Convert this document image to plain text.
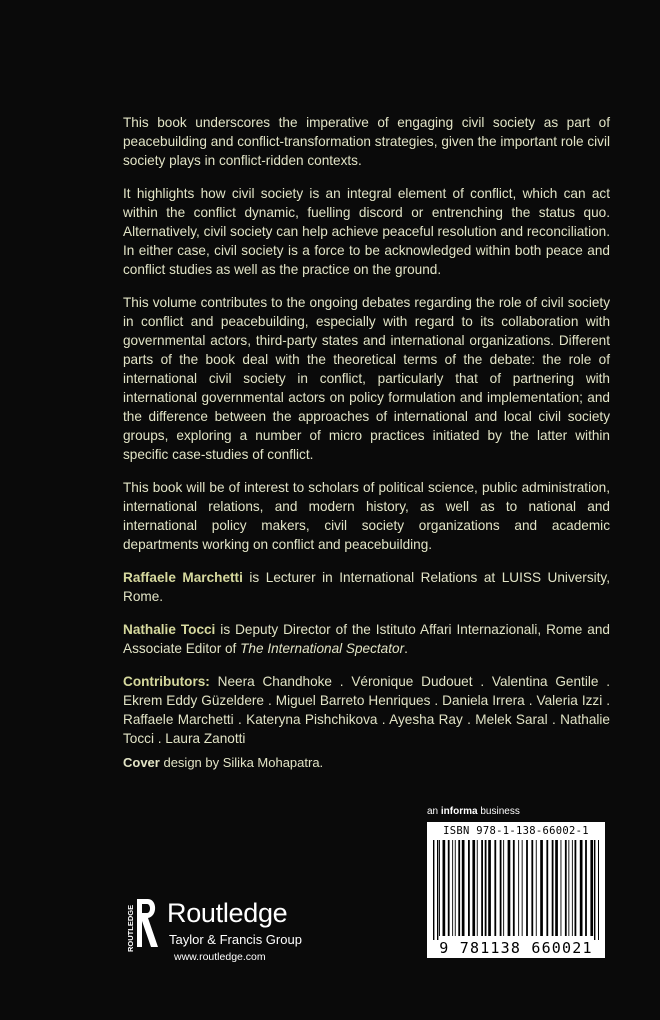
This book underscores the imperative of engaging civil society as part of peacebuilding and conflict-transformation strategies, given the important role civil society plays in conflict-ridden contexts.

It highlights how civil society is an integral element of conflict, which can act within the conflict dynamic, fuelling discord or entrenching the status quo. Alternatively, civil society can help achieve peaceful resolution and reconciliation. In either case, civil society is a force to be acknowledged within both peace and conflict studies as well as the practice on the ground.

This volume contributes to the ongoing debates regarding the role of civil society in conflict and peacebuilding, especially with regard to its collaboration with governmental actors, third-party states and international organizations. Different parts of the book deal with the theoretical terms of the debate: the role of international civil society in conflict, particularly that of partnering with international governmental actors on policy formulation and implementation; and the difference between the approaches of international and local civil society groups, exploring a number of micro practices initiated by the latter within specific case-studies of conflict.

This book will be of interest to scholars of political science, public administration, international relations, and modern history, as well as to national and international policy makers, civil society organizations and academic departments working on conflict and peacebuilding.

Raffaele Marchetti is Lecturer in International Relations at LUISS University, Rome.

Nathalie Tocci is Deputy Director of the Istituto Affari Internazionali, Rome and Associate Editor of The International Spectator.

Contributors: Neera Chandhoke . Véronique Dudouet . Valentina Gentile . Ekrem Eddy Güzeldere . Miguel Barreto Henriques . Daniela Irrera . Valeria Izzi . Raffaele Marchetti . Kateryna Pishchikova . Ayesha Ray . Melek Saral . Nathalie Tocci . Laura Zanotti

Cover design by Silika Mohapatra.
an informa business
ISBN 978-1-138-66002-1
9 781138 660021
ROUTLEDGE Routledge
Taylor & Francis Group
www.routledge.com
